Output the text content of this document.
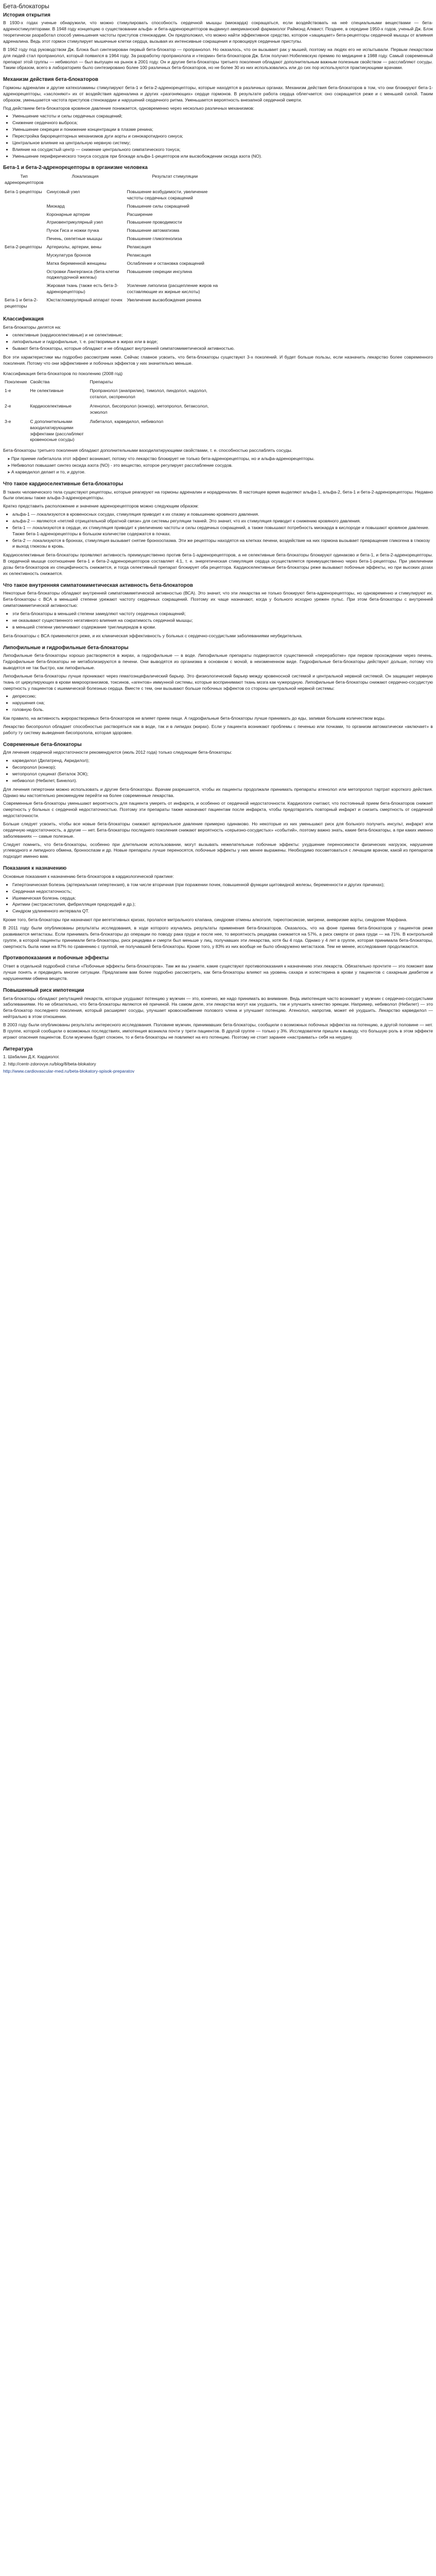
Бета-блокаторы
История открытия

В 1930-х годах ученые обнаружили, что можно стимулировать способность сердечной мышцы (миокарда) сокращаться, если воздействовать на неё специальными веществами — бета-адреностимуляторами. В 1948 году концепцию о существовании альфа- и бета-адренорецепторов выдвинул американский фармаколог Раймонд Алквист. Позднее, в середине 1950-х годов, ученый Дж. Блэк теоретически разработал способ уменьшения частоты приступов стенокардии. Он предположил, что можно найти эффективное средство, которое «защищает» бета-рецепторы сердечной мышцы от влияния адреналина. Ведь этот гормон стимулирует мышечные клетки сердца, вызывая их интенсивные сокращения и провоцируя сердечные приступы.

В 1962 году под руководством Дж. Блэка был синтезирован первый бета-блокатор — пропранолол. Но оказалось, что он вызывает рак у мышей, поэтому на людях его не испытывали. Первым лекарством для людей стал пропранолол, который появился в 1964 году. За разработку пропранолола и «теории» бета-блокаторов Дж. Блэк получил Нобелевскую премию по медицине в 1988 году. Самый современный препарат этой группы — небиволол — был выпущен на рынок в 2001 году. Он и другие бета-блокаторы третьего поколения обладают дополнительным важным полезным свойством — расслабляют сосуды. Таким образом, всего в лабораториях было синтезировано более 100 различных бета-блокаторов, но не более 30 из них использовались или до сих пор используются практикующими врачами.

Механизм действия бета-блокаторов

Гормоны адреналин и другие катехоламины стимулируют бета-1 и бета-2-адренорецепторы, которые находятся в различных органах. Механизм действия бета-блокаторов в том, что они блокируют бета-1-адренорецепторы, «заслоняют» их от воздействия адреналина и других «разгоняющих» сердце гормонов. В результате работа сердца облегчается: оно сокращается реже и с меньшей силой. Таким образом, уменьшается частота приступов стенокардии и нарушений сердечного ритма. Уменьшается вероятность внезапной сердечной смерти.

Под действием бета-блокаторов кровяное давление понижается, одновременно через несколько различных механизмов:

• Уменьшение частоты и силы сердечных сокращений;
• Снижение сердечного выброса;
• Уменьшение секреции и понижение концентрации в плазме ренина;
• Перестройка барорецепторных механизмов дуги аорты и синокаротидного синуса;
• Центральное влияние на центральную нервную систему;
• Влияние на сосудистый центр — снижение центрального симпатического тонуса;
• Уменьшение периферического тонуса сосудов при блокаде альфа-1-рецепторов или высвобождении оксида азота (NO).
Бета-1 и бета-2-адренорецепторы в организме человека
Тип адренорецепторов	Локализация	Результат стимуляции
Бета-1-рецепторы	Синусовый узел	Повышение возбудимости, увеличение частоты сердечных сокращений
	Миокард	Повышение силы сокращений
	Коронарные артерии	Расширение
	Атриовентрикулярный узел	Повышение проводимости
	Пучок Гиса и ножки пучка	Повышение автоматизма
	Печень, скелетные мышцы	Повышение гликогенолиза
Бета-2-рецепторы	Артериолы, артерии, вены	Релаксация
	Мускулатура бронхов	Релаксация
	Матка беременной женщины	Ослабление и остановка сокращений
	Островки Лангерганса (бета-клетки поджелудочной железы)	Повышение секреции инсулина
	Жировая ткань (также есть бета-3-адренорецепторы)	Усиление липолиза (расщепление жиров на составляющие их жирные кислоты)
Бета-1 и бета-2-рецепторы	Юкстагломерулярный аппарат почек	Увеличение высвобождения ренина
Классификация

Бета-блокаторы делятся на:

• селективные (кардиоселективные) и не селективные;
• липофильные и гидрофильные, т. е. растворимые в жирах или в воде;
• бывают бета-блокаторы, которые обладают и не обладают внутренней симпатомиметической активностью.

Все эти характеристики мы подробно рассмотрим ниже. Сейчас главное усвоить, что бета-блокаторы существуют 3-х поколений. И будет больше пользы, если назначить лекарство более современного поколения. Потому что они эффективнее и побочных эффектов у них значительно меньше.

Классификация бета-блокаторов по поколению (2008 год)

Поколение	Свойства	Препараты
1-е	Не селективные	Пропранолол (анаприлин), тимолол, пиндолол, надолол, соталол, окспренолол
2-е	Кардиоселективные	Атенолол, бисопролол (конкор), метопролол, бетаксолол, эсмолол
3-е	С дополнительными вазодилатирующими эффектами (расслабляют кровеносные сосуды)	Лабеталол, карведилол, небиволол

Бета-блокаторы третьего поколения обладают дополнительными вазодилатирующими свойствами, т. е. способностью расслаблять сосуды.

➤ При приеме лабеталола этот эффект возникает, потому что лекарство блокирует не только бета-адренорецепторы, но и альфа-адренорецепторы.
➤ Небиволол повышает синтез оксида азота (NO) - это вещество, которое регулирует расслабление сосудов.
➤ А карведилол делает и то, и другое.
Что такое кардиоселективные бета-блокаторы

В тканях человеческого тела существуют рецепторы, которые реагируют на гормоны адреналин и норадреналин. В настоящее время выделяют альфа-1, альфа-2, бета-1 и бета-2-адренорецепторы. Недавно были описаны также альфа-3-адренорецепторы.

Кратко представить расположение и значение адренорецепторов можно следующим образом:

• альфа-1 — локализуются в кровеносных сосудах, стимуляция приводит к их спазму и повышению кровяного давления.
• альфа-2 — являются «петлей отрицательной обратной связи» для системы регуляции тканей. Это значит, что их стимуляция приводит к снижению кровяного давления.
• бета-1 — локализуются в сердце, их стимуляция приводит к увеличению частоты и силы сердечных сокращений, а также повышают потребность миокарда в кислороде и повышают кровяное давление. Также бета-1-адренорецепторы в большом количестве содержатся в почках.
• бета-2 — локализуются в бронхах, стимуляция вызывает снятие бронхоспазма. Эти же рецепторы находятся на клетках печени, воздействие на них гормона вызывает превращение гликогена в глюкозу и выход глюкозы в кровь.

Кардиоселективные бета-блокаторы проявляют активность преимущественно против бета-1-адренорецепторов, а не селективные бета-блокаторы блокируют одинаково и бета-1, и бета-2-адренорецепторы. В сердечной мышце соотношение бета-1 и бета-2-адренорецепторов составляет 4:1, т. е. энергетическая стимуляция сердца осуществляется преимущественно через бета-1-рецепторы. При увеличении дозы бета-блокаторов их специфичность снижается, и тогда селективный препарат блокирует оба рецептора. Кардиоселективные бета-блокаторы реже вызывают побочные эффекты, но при высоких дозах их селективность снижается.

Что такое внутренняя симпатомиметическая активность бета-блокаторов

Некоторые бета-блокаторы обладают внутренней симпатомиметической активностью (ВСА). Это значит, что эти лекарства не только блокируют бета-адренорецепторы, но одновременно и стимулируют их. Бета-блокаторы с ВСА в меньшей степени урежают частоту сердечных сокращений. Поэтому их чаще назначают, когда у больного исходно урежен пульс. При этом бета-блокаторы с внутренней симпатомиметической активностью:

• эти бета-блокаторы в меньшей степени замедляют частоту сердечных сокращений;
• не оказывают существенного негативного влияния на сократимость сердечной мышцы;
• в меньшей степени увеличивают содержание триглицеридов в крови.

Бета-блокаторы с ВСА применяются реже, и их клиническая эффективность у больных с сердечно-сосудистыми заболеваниями неубедительна.

Липофильные и гидрофильные бета-блокаторы

Липофильные бета-блокаторы хорошо растворяются в жирах, а гидрофильные — в воде. Липофильные препараты подвергаются существенной «переработке» при первом прохождении через печень. Гидрофильные бета-блокаторы не метаболизируются в печени. Они выводятся из организма в основном с мочой, в неизмененном виде. Гидрофильные бета-блокаторы действуют дольше, потому что выводятся не так быстро, как липофильные.

Липофильные бета-блокаторы лучше проникают через гематоэнцефалический барьер. Это физиологический барьер между кровеносной системой и центральной нервной системой. Он защищает нервную ткань от циркулирующих в крови микроорганизмов, токсинов, «агентов» иммунной системы, которые воспринимают ткань мозга как чужеродную. Липофильные бета-блокаторы снижают сердечно-сосудистую смертность у пациентов с ишемической болезнью сердца. Вместе с тем, они вызывают больше побочных эффектов со стороны центральной нервной системы:

• депрессию;
• нарушения сна;
• головную боль.

Как правило, на активность жирорастворимых бета-блокаторов не влияет прием пищи. А гидрофильные бета-блокаторы лучше принимать до еды, запивая большим количеством воды.

Лекарство бисопролол обладает способностью растворяться как в воде, так и в липидах (жирах). Если у пациента возникают проблемы с печенью или почками, то организм автоматически «включает» в работу ту систему выведения бисопролола, которая здоровее.

Современные бета-блокаторы

Для лечения сердечной недостаточности рекомендуются (июль 2012 года) только следующие бета-блокаторы:

• карведилол (Дилатренд, Акридилол);
• бисопролол (конкор);
• метопролол сукцинат (Беталок ЗОК);
• небиволол (Небилет, Бинелол).

Для лечения гипертонии можно использовать и другие бета-блокаторы. Врачам разрешается, чтобы их пациенты продолжали принимать препараты атенолол или метопролол тартрат короткого действия. Однако мы настоятельно рекомендуем перейти на более современные лекарства.

Современные бета-блокаторы уменьшают вероятность для пациента умереть от инфаркта, и особенно от сердечной недостаточности. Кардиологи считают, что постоянный прием бета-блокаторов снижает смертность у больных с сердечной недостаточностью. Поэтому эти препараты также назначают пациентам после инфаркта, чтобы предотвратить повторный инфаркт и снизить смертность от сердечной недостаточности.

Больше следует усвоить, чтобы все новые бета-блокаторы снижают артериальное давление примерно одинаково. Но некоторые из них уменьшают риск для больного получить инсульт, инфаркт или сердечную недостаточность, а другие — нет. Бета-блокаторы последнего поколения снижают вероятность «серьезно-сосудистых» «событий», поэтому важно знать, какие бета-блокаторы, а при каких именно заболеваниях — самые полезные.

Следует помнить, что бета-блокаторы, особенно при длительном использовании, могут вызывать нежелательные побочные эффекты: ухудшение переносимости физических нагрузок, нарушение углеводного и липидного обмена, бронхоспазм и др. Новые препараты лучше переносятся, побочные эффекты у них менее выражены. Необходимо посоветоваться с лечащим врачом, какой из препаратов подходит именно вам.

Показания к назначению

Основные показания к назначению бета-блокаторов в кардиологической практике:

• Гипертоническая болезнь (артериальная гипертензия), в том числе вторичная (при поражении почек, повышенной функции щитовидной железы, беременности и других причинах);
• Сердечная недостаточность;
• Ишемическая болезнь сердца;
• Аритмии (экстрасистолия, фибрилляция предсердий и др.);
• Синдром удлиненного интервала QT.

Кроме того, бета-блокаторы при назначают при вегетативных кризах, пролапсе митрального клапана, синдроме отмены алкоголя, тиреотоксикозе, мигрени, аневризме аорты, синдроме Марфана.

В 2011 году были опубликованы результаты исследования, в ходе которого изучались результаты применения бета-блокаторов. Оказалось, что на фоне приема бета-блокаторов у пациентов реже развиваются метастазы. Если принимать бета-блокаторы до операции по поводу рака груди и после нее, то вероятность рецидива снижается на 57%, а риск смерти от рака груди — на 71%. В контрольной группе, в которой пациенты принимали бета-блокаторы, риск рецидива и смерти был меньше у лиц, получавших эти лекарства, хотя бы 4 года. Однако у 4 лет в группе, которая принимала бета-блокаторы, смертность была ниже на 87% по сравнению с группой, не получавшей бета-блокаторы. Кроме того, у 83% из них вообще не было обнаружено метастазов. Тем не менее, исследования продолжаются.

Противопоказания и побочные эффекты

Ответ в отдельной подробной статье «Побочные эффекты бета-блокаторов». Там же вы узнаете, какие существуют противопоказания к назначению этих лекарств. Обязательно прочтите — это поможет вам лучше понять и предвидеть многие ситуации. Предлагаем вам более подробно рассмотреть, как бета-блокаторы влияют на уровень сахара и холестерина в крови у пациентов с сахарным диабетом и нарушениями обмена веществ.

Повышенный риск импотенции

Бета-блокаторы обладают репутацией лекарств, которые ухудшают потенцию у мужчин — это, конечно, же надо принимать во внимание. Ведь импотенция часто возникает у мужчин с сердечно-сосудистыми заболеваниями. Но не обязательно, что бета-блокаторы являются её причиной. На самом деле, эти лекарства могут как ухудшить, так и улучшить качество эрекции. Например, небиволол (Небилет) — это бета-блокатор последнего поколения, который расширяет сосуды, улучшает кровоснабжение полового члена и улучшает потенцию. Атенолол, напротив, может её ухудшить. Лекарство карведилол — нейтрально в этом отношении.

В 2003 году были опубликованы результаты интересного исследования. Половине мужчин, принимавших бета-блокаторы, сообщили о возможных побочных эффектах на потенцию, а другой половине — нет. В группе, которой сообщили о возможных последствиях, импотенция возникла почти у трети пациентов. В другой группе — только у 3%. Исследователи пришли к выводу, что большую роль в этом эффекте играют опасения пациентов. Если мужчина будет спокоен, то и бета-блокаторы не повлияют на его потенцию. Поэтому не стоит заранее «настраивать» себя на неудачу.

Литература
1. Шабалин Д.К. Кардиолог.
2. http://centr-zdorovye.ru/blog/8/beta-blokatory
http://www.cardiovascular-med.ru/beta-blokatory-spisok-preparatov
